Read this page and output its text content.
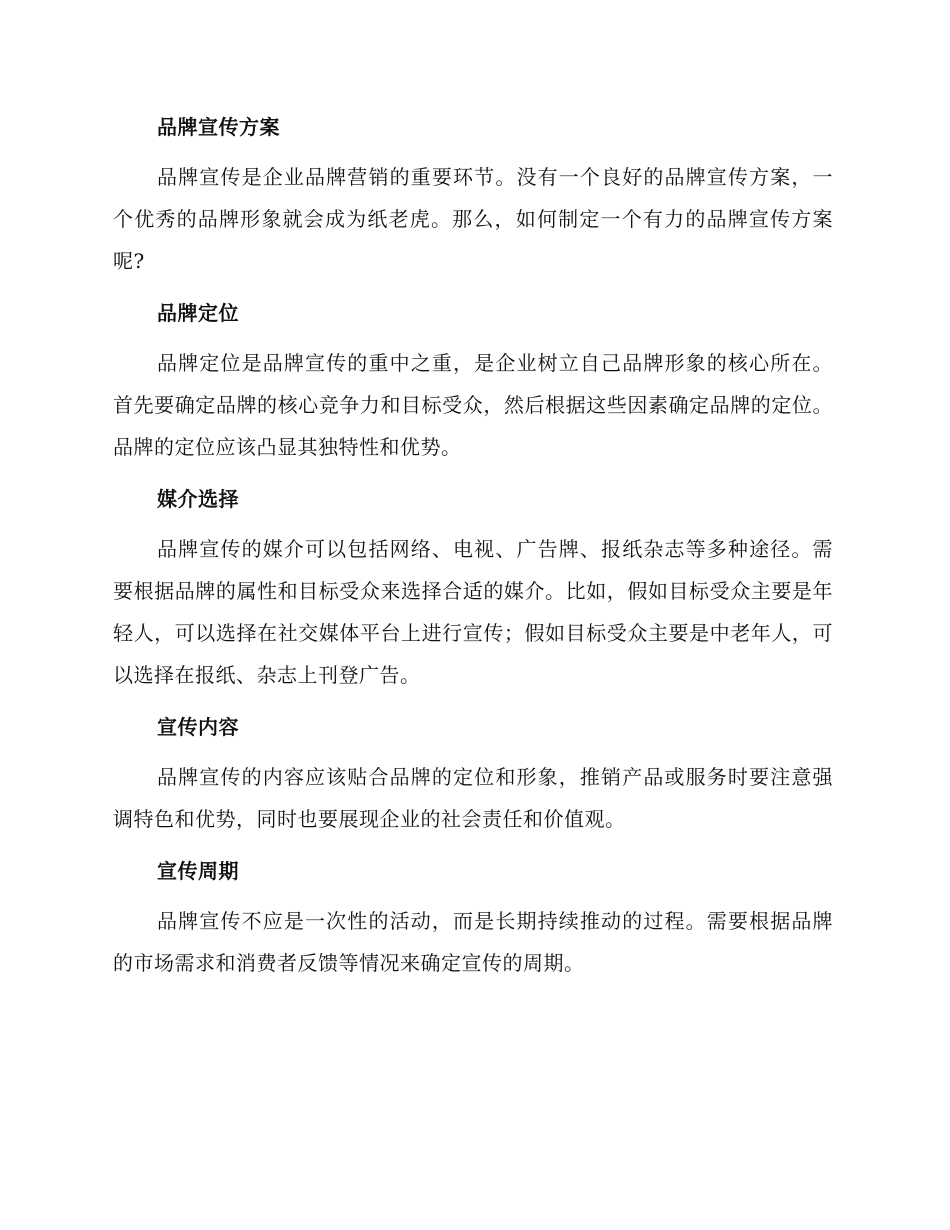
品牌宣传方案

品牌宣传是企业品牌营销的重要环节。没有一个良好的品牌宣传方案，一个优秀的品牌形象就会成为纸老虎。那么，如何制定一个有力的品牌宣传方案呢?

品牌定位

品牌定位是品牌宣传的重中之重，是企业树立自己品牌形象的核心所在。首先要确定品牌的核心竞争力和目标受众，然后根据这些因素确定品牌的定位。品牌的定位应该凸显其独特性和优势。

媒介选择

品牌宣传的媒介可以包括网络、电视、广告牌、报纸杂志等多种途径。需要根据品牌的属性和目标受众来选择合适的媒介。比如，假如目标受众主要是年轻人，可以选择在社交媒体平台上进行宣传；假如目标受众主要是中老年人，可以选择在报纸、杂志上刊登广告。

宣传内容

品牌宣传的内容应该贴合品牌的定位和形象，推销产品或服务时要注意强调特色和优势，同时也要展现企业的社会责任和价值观。

宣传周期

品牌宣传不应是一次性的活动，而是长期持续推动的过程。需要根据品牌的市场需求和消费者反馈等情况来确定宣传的周期。
